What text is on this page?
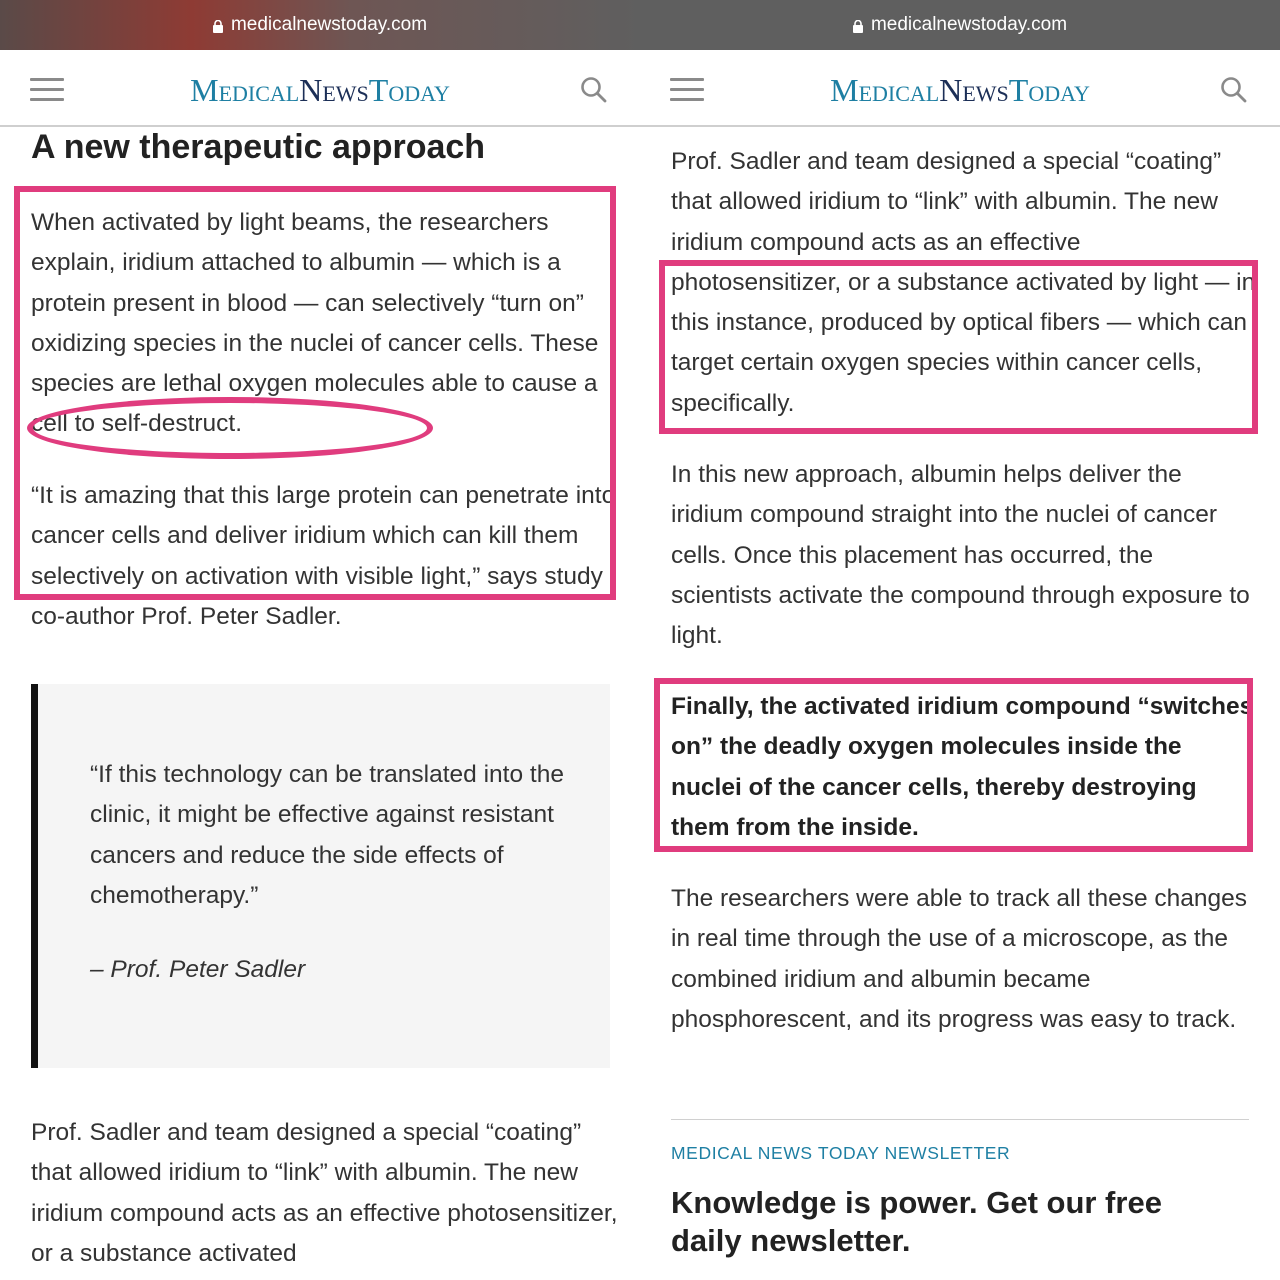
medicalnewstoday.com
MedicalNewsToday
A new therapeutic approach

When activated by light beams, the researchers explain, iridium attached to albumin — which is a protein present in blood — can selectively “turn on” oxidizing species in the nuclei of cancer cells. These species are lethal oxygen molecules able to cause a cell to self-destruct.

“It is amazing that this large protein can penetrate into cancer cells and deliver iridium which can kill them selectively on activation with visible light,” says study co-author Prof. Peter Sadler.

“If this technology can be translated into the clinic, it might be effective against resistant cancers and reduce the side effects of chemotherapy.”

– Prof. Peter Sadler

Prof. Sadler and team designed a special “coating” that allowed iridium to “link” with albumin. The new iridium compound acts as an effective photosensitizer, or a substance activated

medicalnewstoday.com
MedicalNewsToday

Prof. Sadler and team designed a special “coating” that allowed iridium to “link” with albumin. The new iridium compound acts as an effective photosensitizer, or a substance activated by light — in this instance, produced by optical fibers — which can target certain oxygen species within cancer cells, specifically.

In this new approach, albumin helps deliver the iridium compound straight into the nuclei of cancer cells. Once this placement has occurred, the scientists activate the compound through exposure to light.

Finally, the activated iridium compound “switches on” the deadly oxygen molecules inside the nuclei of the cancer cells, thereby destroying them from the inside.

The researchers were able to track all these changes in real time through the use of a microscope, as the combined iridium and albumin became phosphorescent, and its progress was easy to track.

MEDICAL NEWS TODAY NEWSLETTER
Knowledge is power. Get our free daily newsletter.
